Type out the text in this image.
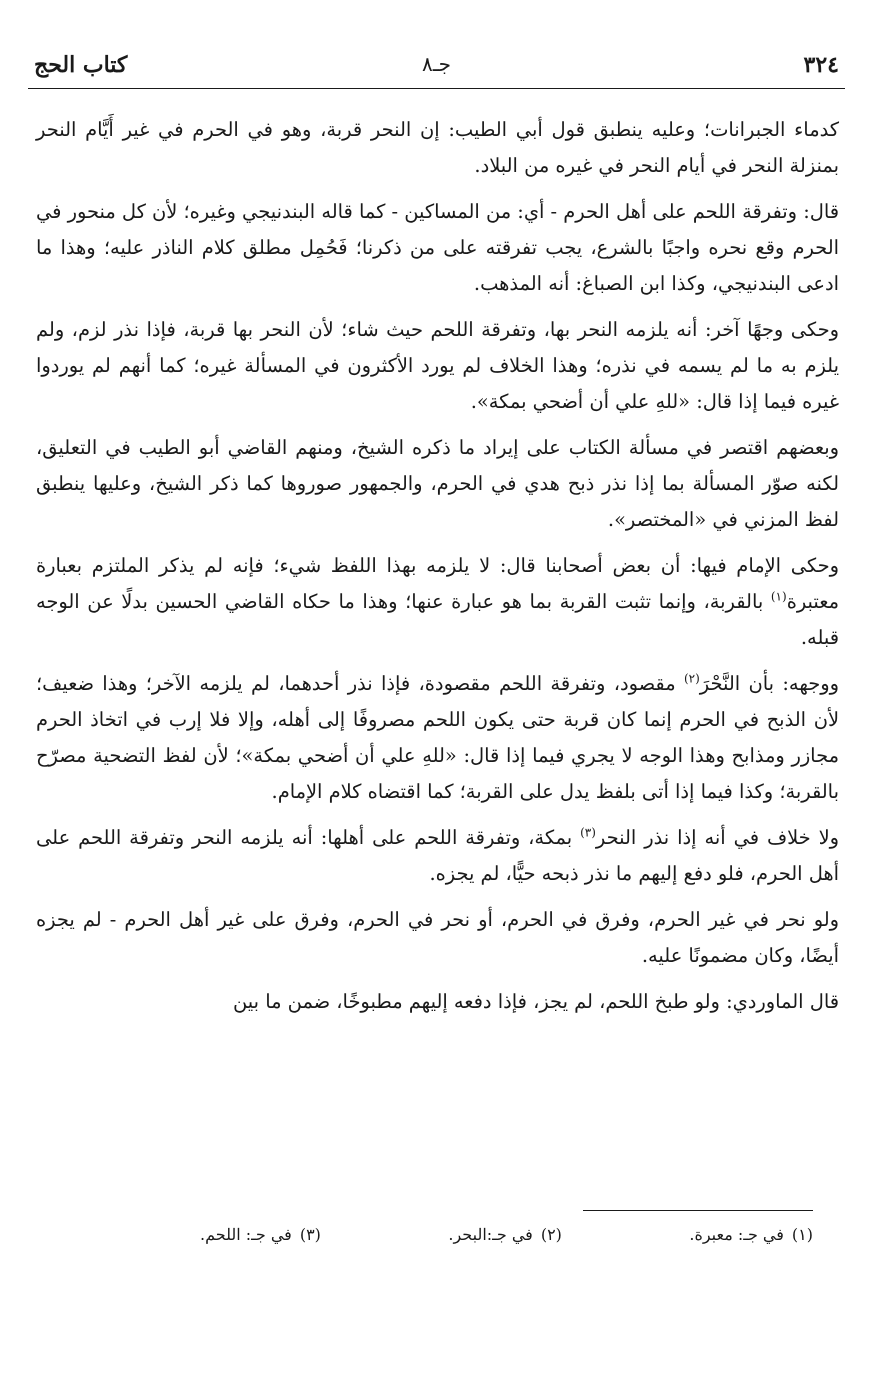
٣٢٤
جـ٨
كتاب الحج

كدماء الجبرانات؛ وعليه ينطبق قول أبي الطيب: إن النحر قربة، وهو في الحرم في غير أَيَّام النحر بمنزلة النحر في أيام النحر في غيره من البلاد.

قال: وتفرقة اللحم على أهل الحرم - أي: من المساكين - كما قاله البندنيجي وغيره؛ لأن كل منحور في الحرم وقع نحره واجبًا بالشرع، يجب تفرقته على من ذكرنا؛ فَحُمِل مطلق كلام الناذر عليه؛ وهذا ما ادعى البندنيجي، وكذا ابن الصباغ: أنه المذهب.

وحكى وجهًا آخر: أنه يلزمه النحر بها، وتفرقة اللحم حيث شاء؛ لأن النحر بها قربة، فإذا نذر لزم، ولم يلزم به ما لم يسمه في نذره؛ وهذا الخلاف لم يورد الأكثرون في المسألة غيره؛ كما أنهم لم يوردوا غيره فيما إذا قال: «للهِ علي أن أضحي بمكة».

وبعضهم اقتصر في مسألة الكتاب على إيراد ما ذكره الشيخ، ومنهم القاضي أبو الطيب في التعليق، لكنه صوّر المسألة بما إذا نذر ذبح هدي في الحرم، والجمهور صوروها كما ذكر الشيخ، وعليها ينطبق لفظ المزني في «المختصر».

وحكى الإمام فيها: أن بعض أصحابنا قال: لا يلزمه بهذا اللفظ شيء؛ فإنه لم يذكر الملتزم بعبارة معتبرة$^{(١)}$ بالقربة، وإنما تثبت القربة بما هو عبارة عنها؛ وهذا ما حكاه القاضي الحسين بدلًا عن الوجه قبله.

ووجهه: بأن النَّحْرَ$^{(٢)}$ مقصود، وتفرقة اللحم مقصودة، فإذا نذر أحدهما، لم يلزمه الآخر؛ وهذا ضعيف؛ لأن الذبح في الحرم إنما كان قربة حتى يكون اللحم مصروفًا إلى أهله، وإلا فلا إرب في اتخاذ الحرم مجازر ومذابح وهذا الوجه لا يجري فيما إذا قال: «للهِ علي أن أضحي بمكة»؛ لأن لفظ التضحية مصرّح بالقربة؛ وكذا فيما إذا أتى بلفظ يدل على القربة؛ كما اقتضاه كلام الإمام.

ولا خلاف في أنه إذا نذر النحر$^{(٣)}$ بمكة، وتفرقة اللحم على أهلها: أنه يلزمه النحر وتفرقة اللحم على أهل الحرم، فلو دفع إليهم ما نذر ذبحه حيًّا، لم يجزه.

ولو نحر في غير الحرم، وفرق في الحرم، أو نحر في الحرم، وفرق على غير أهل الحرم - لم يجزه أيضًا، وكان مضمونًا عليه.

قال الماوردي: ولو طبخ اللحم، لم يجز، فإذا دفعه إليهم مطبوخًا، ضمن ما بين

(١)في جـ: معبرة.
(٢)في جـ:البحر.
(٣)في جـ: اللحم.
